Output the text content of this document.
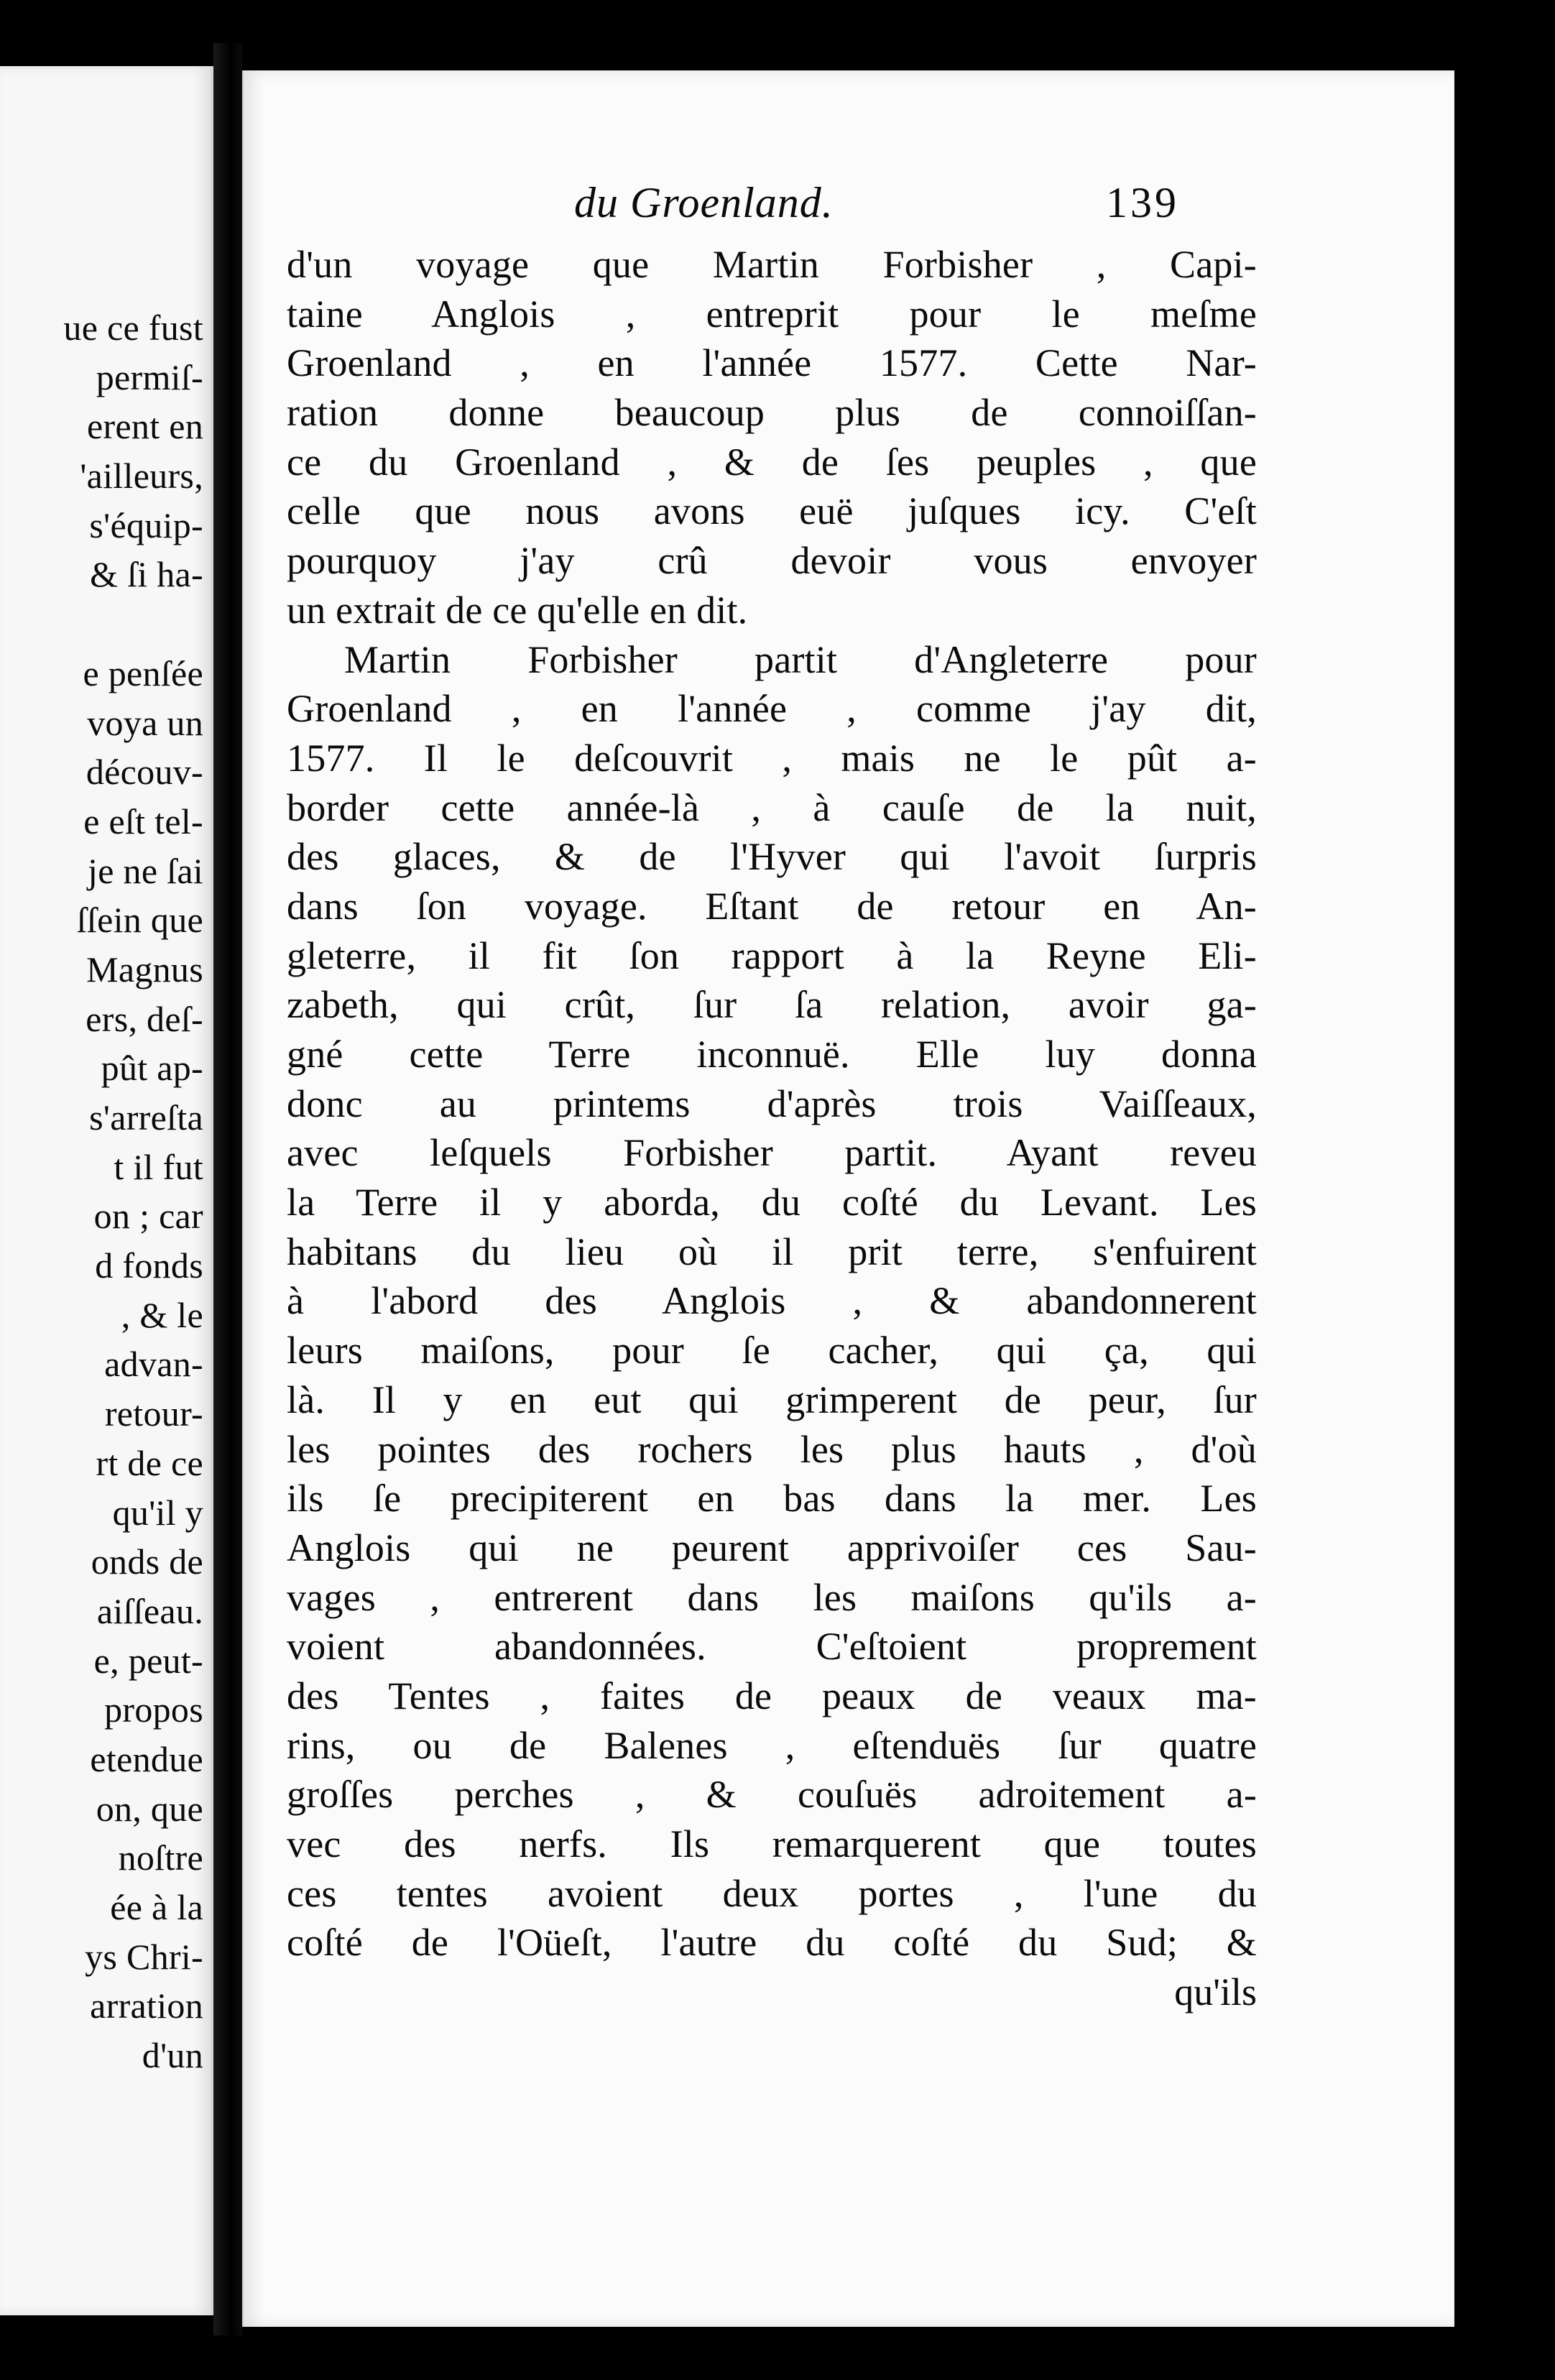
ue ce fust
permiſ-
erent en
'ailleurs,
s'équip-
& ſi ha-
e penſée
voya un
découv-
e eſt tel-
je ne ſai
ſſein que
Magnus
ers, deſ-
pût ap-
s'arreſta
t il fut
on ; car
d fonds
, & le
advan-
retour-
rt de ce
qu'il y
onds de
aiſſeau.
e, peut-
propos
etendue
on, que
noſtre
ée à la
ys Chri-
arration
d'un
du Groenland.	139
d'un voyage que Martin Forbisher , Capi-
taine Anglois , entreprit pour le meſme
Groenland , en l'année 1577. Cette Nar-
ration donne beaucoup plus de connoiſſan-
ce du Groenland , & de ſes peuples , que
celle que nous avons euë juſques icy. C'eſt
pourquoy j'ay crû devoir vous envoyer
un extrait de ce qu'elle en dit.
Martin Forbisher partit d'Angleterre pour
Groenland , en l'année , comme j'ay dit,
1577. Il le deſcouvrit , mais ne le pût a-
border cette année-là , à cauſe de la nuit,
des glaces, & de l'Hyver qui l'avoit ſurpris
dans ſon voyage. Eſtant de retour en An-
gleterre, il fit ſon rapport à la Reyne Eli-
zabeth, qui crût, ſur ſa relation, avoir ga-
gné cette Terre inconnuë. Elle luy donna
donc au printems d'après trois Vaiſſeaux,
avec leſquels Forbisher partit. Ayant reveu
la Terre il y aborda, du coſté du Levant. Les
habitans du lieu où il prit terre, s'enfuirent
à l'abord des Anglois , & abandonnerent
leurs maiſons, pour ſe cacher, qui ça, qui
là. Il y en eut qui grimperent de peur, ſur
les pointes des rochers les plus hauts , d'où
ils ſe precipiterent en bas dans la mer. Les
Anglois qui ne peurent apprivoiſer ces Sau-
vages , entrerent dans les maiſons qu'ils a-
voient abandonnées. C'eſtoient proprement
des Tentes , faites de peaux de veaux ma-
rins, ou de Balenes , eſtenduës ſur quatre
groſſes perches , & couſuës adroitement a-
vec des nerfs. Ils remarquerent que toutes
ces tentes avoient deux portes , l'une du
coſté de l'Oüeſt, l'autre du coſté du Sud; &
qu'ils
